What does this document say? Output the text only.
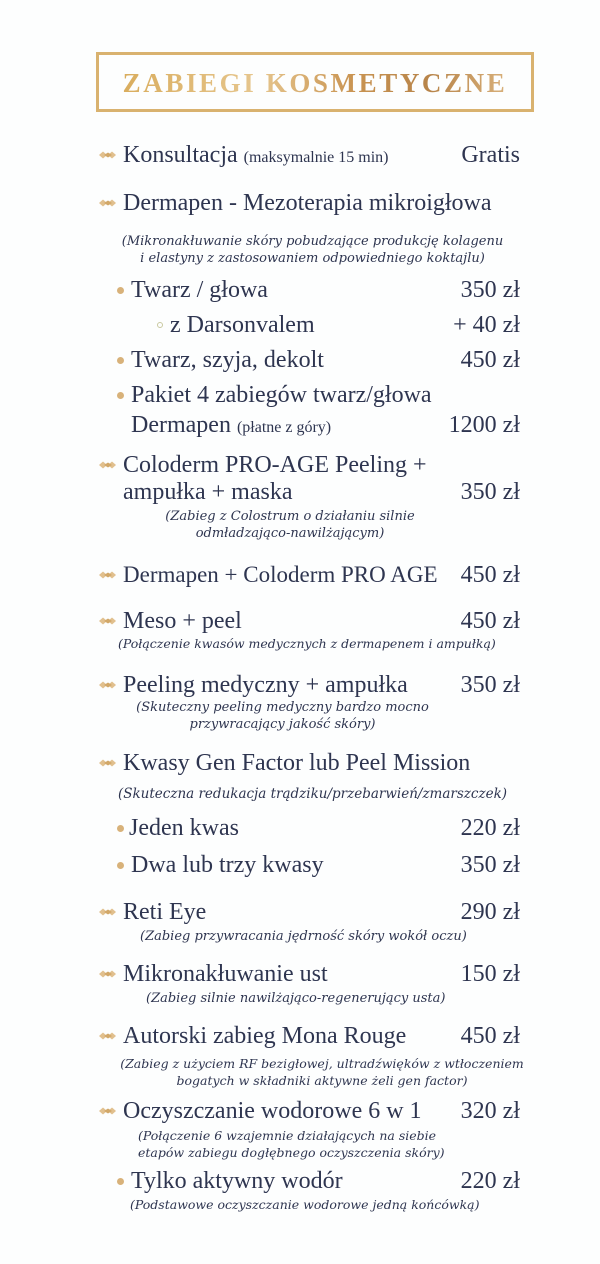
ZABIEGI KOSMETYCZNE
Konsultacja (maksymalnie 15 min)	Gratis
Dermapen - Mezoterapia mikroigłowa
(Mikronakłuwanie skóry pobudzające produkcję kolagenu
i elastyny z zastosowaniem odpowiedniego koktajlu)
Twarz / głowa	350 zł
z Darsonvalem	+ 40 zł
Twarz, szyja, dekolt	450 zł
Pakiet 4 zabiegów twarz/głowa
Dermapen (płatne z góry)	1200 zł
Coloderm PRO-AGE Peeling +
ampułka + maska	350 zł
(Zabieg z Colostrum o działaniu silnie
odmładzająco-nawilżającym)
Dermapen + Coloderm PRO AGE 450 zł
Meso + peel	450 zł
(Połączenie kwasów medycznych z dermapenem i ampułką)
Peeling medyczny + ampułka 350 zł
(Skuteczny peeling medyczny bardzo mocno
przywracający jakość skóry)
Kwasy Gen Factor lub Peel Mission
(Skuteczna redukacja trądziku/przebarwień/zmarszczek)
Jeden kwas	220 zł
Dwa lub trzy kwasy	350 zł
Reti Eye	290 zł
(Zabieg przywracania jędrność skóry wokół oczu)
Mikronakłuwanie ust	150 zł
(Zabieg silnie nawilżająco-regenerujący usta)
Autorski zabieg Mona Rouge 450 zł
(Zabieg z użyciem RF bezigłowej, ultradźwięków z wtłoczeniem
bogatych w składniki aktywne żeli gen factor)
Oczyszczanie wodorowe 6 w 1 320 zł
(Połączenie 6 wzajemnie działających na siebie
etapów zabiegu dogłębnego oczyszczenia skóry)
Tylko aktywny wodór	220 zł
(Podstawowe oczyszczanie wodorowe jedną końcówką)
